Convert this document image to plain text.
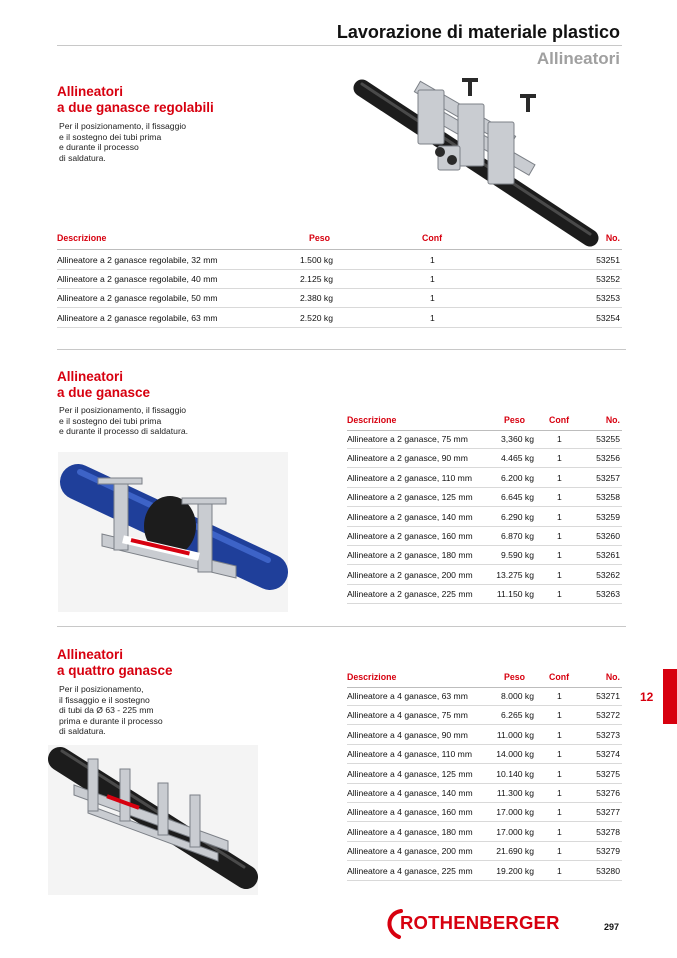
Lavorazione di materiale plastico
Allineatori
Allineatori
a due ganasce regolabili
Per il posizionamento, il fissaggio
e il sostegno dei tubi prima
e durante il processo
di saldatura.
Descrizione	Peso	Conf	No.
Allineatore a 2 ganasce regolabile, 32 mm	1.500 kg	1	53251
Allineatore a 2 ganasce regolabile, 40 mm	2.125 kg	1	53252
Allineatore a 2 ganasce regolabile, 50 mm	2.380 kg	1	53253
Allineatore a 2 ganasce regolabile, 63 mm	2.520 kg	1	53254
Allineatori
a due ganasce
Per il posizionamento, il fissaggio
e il sostegno dei tubi prima
e durante il processo di saldatura.
Descrizione	Peso	Conf	No.
Allineatore a 2 ganasce, 75 mm	3,360 kg	1	53255
Allineatore a 2 ganasce, 90 mm	4.465 kg	1	53256
Allineatore a 2 ganasce, 110 mm	6.200 kg	1	53257
Allineatore a 2 ganasce, 125 mm	6.645 kg	1	53258
Allineatore a 2 ganasce, 140 mm	6.290 kg	1	53259
Allineatore a 2 ganasce, 160 mm	6.870 kg	1	53260
Allineatore a 2 ganasce, 180 mm	9.590 kg	1	53261
Allineatore a 2 ganasce, 200 mm	13.275 kg	1	53262
Allineatore a 2 ganasce, 225 mm	11.150 kg	1	53263
Allineatori
a quattro ganasce
Per il posizionamento,
il fissaggio e il sostegno
di tubi da Ø 63 - 225 mm
prima e durante il processo
di saldatura.
Descrizione	Peso	Conf	No.
Allineatore a 4 ganasce, 63 mm	8.000 kg	1	53271
Allineatore a 4 ganasce, 75 mm	6.265 kg	1	53272
Allineatore a 4 ganasce, 90 mm	11.000 kg	1	53273
Allineatore a 4 ganasce, 110 mm	14.000 kg	1	53274
Allineatore a 4 ganasce, 125 mm	10.140 kg	1	53275
Allineatore a 4 ganasce, 140 mm	11.300 kg	1	53276
Allineatore a 4 ganasce, 160 mm	17.000 kg	1	53277
Allineatore a 4 ganasce, 180 mm	17.000 kg	1	53278
Allineatore a 4 ganasce, 200 mm	21.690 kg	1	53279
Allineatore a 4 ganasce, 225 mm	19.200 kg	1	53280
12
ROTHENBERGER	297
